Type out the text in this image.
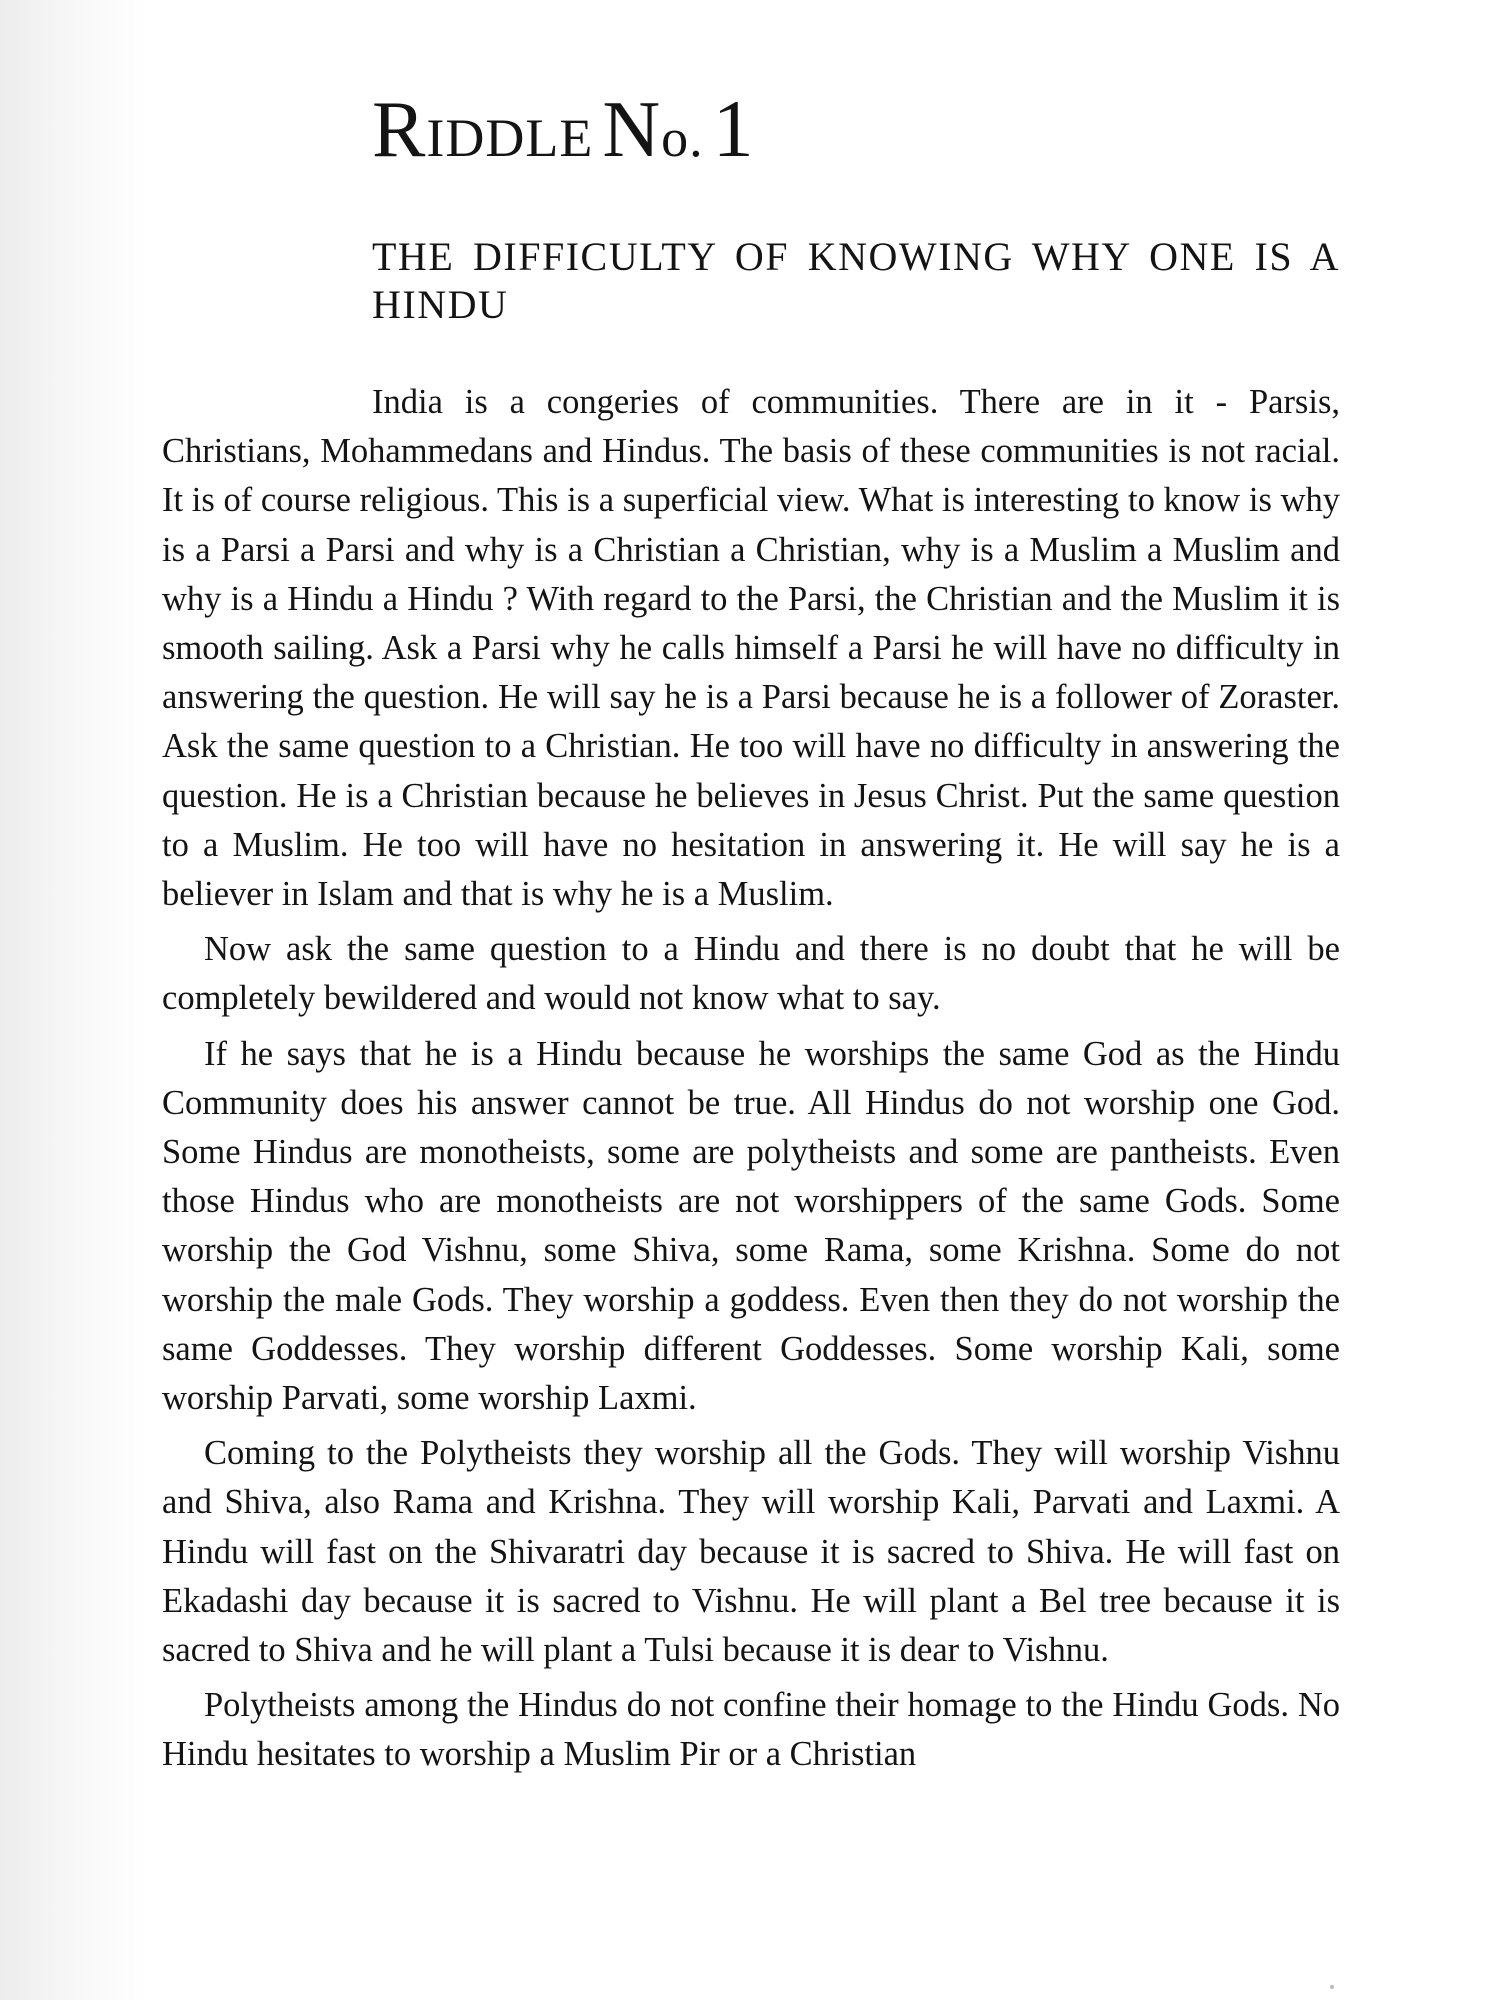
RIDDLE No. 1
THE DIFFICULTY OF KNOWING WHY ONE IS A HINDU

India is a congeries of communities. There are in it - Parsis, Christians, Mohammedans and Hindus. The basis of these communities is not racial. It is of course religious. This is a superficial view. What is interesting to know is why is a Parsi a Parsi and why is a Christian a Christian, why is a Muslim a Muslim and why is a Hindu a Hindu ? With regard to the Parsi, the Christian and the Muslim it is smooth sailing. Ask a Parsi why he calls himself a Parsi he will have no difficulty in answering the question. He will say he is a Parsi because he is a follower of Zoraster. Ask the same question to a Christian. He too will have no difficulty in answering the question. He is a Christian because he believes in Jesus Christ. Put the same question to a Muslim. He too will have no hesitation in answering it. He will say he is a believer in Islam and that is why he is a Muslim.

Now ask the same question to a Hindu and there is no doubt that he will be completely bewildered and would not know what to say.

If he says that he is a Hindu because he worships the same God as the Hindu Community does his answer cannot be true. All Hindus do not worship one God. Some Hindus are monotheists, some are polytheists and some are pantheists. Even those Hindus who are monotheists are not worshippers of the same Gods. Some worship the God Vishnu, some Shiva, some Rama, some Krishna. Some do not worship the male Gods. They worship a goddess. Even then they do not worship the same Goddesses. They worship different Goddesses. Some worship Kali, some worship Parvati, some worship Laxmi.

Coming to the Polytheists they worship all the Gods. They will worship Vishnu and Shiva, also Rama and Krishna. They will worship Kali, Parvati and Laxmi. A Hindu will fast on the Shivaratri day because it is sacred to Shiva. He will fast on Ekadashi day because it is sacred to Vishnu. He will plant a Bel tree because it is sacred to Shiva and he will plant a Tulsi because it is dear to Vishnu.

Polytheists among the Hindus do not confine their homage to the Hindu Gods. No Hindu hesitates to worship a Muslim Pir or a Christian
